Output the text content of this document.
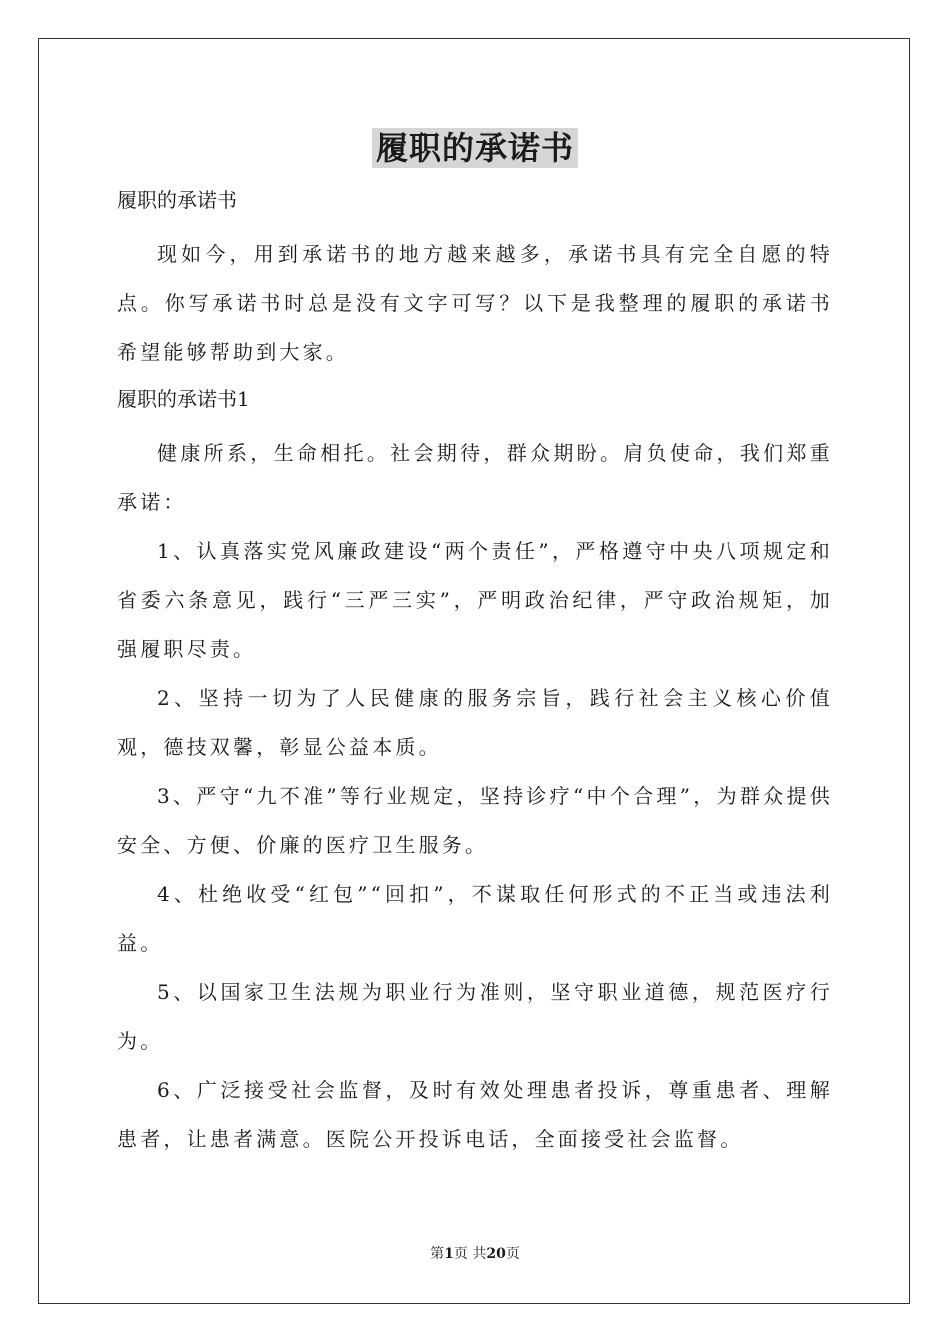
履职的承诺书

履职的承诺书

现如今，用到承诺书的地方越来越多，承诺书具有完全自愿的特点。你写承诺书时总是没有文字可写？以下是我整理的履职的承诺书希望能够帮助到大家。

履职的承诺书1

健康所系，生命相托。社会期待，群众期盼。肩负使命，我们郑重承诺：

1、认真落实党风廉政建设“两个责任”，严格遵守中央八项规定和省委六条意见，践行“三严三实”，严明政治纪律，严守政治规矩，加强履职尽责。

2、坚持一切为了人民健康的服务宗旨，践行社会主义核心价值观，德技双馨，彰显公益本质。

3、严守“九不准”等行业规定，坚持诊疗“中个合理”，为群众提供安全、方便、价廉的医疗卫生服务。

4、杜绝收受“红包”“回扣”，不谋取任何形式的不正当或违法利益。

5、以国家卫生法规为职业行为准则，坚守职业道德，规范医疗行为。

6、广泛接受社会监督，及时有效处理患者投诉，尊重患者、理解患者，让患者满意。医院公开投诉电话，全面接受社会监督。

第1页 共20页
